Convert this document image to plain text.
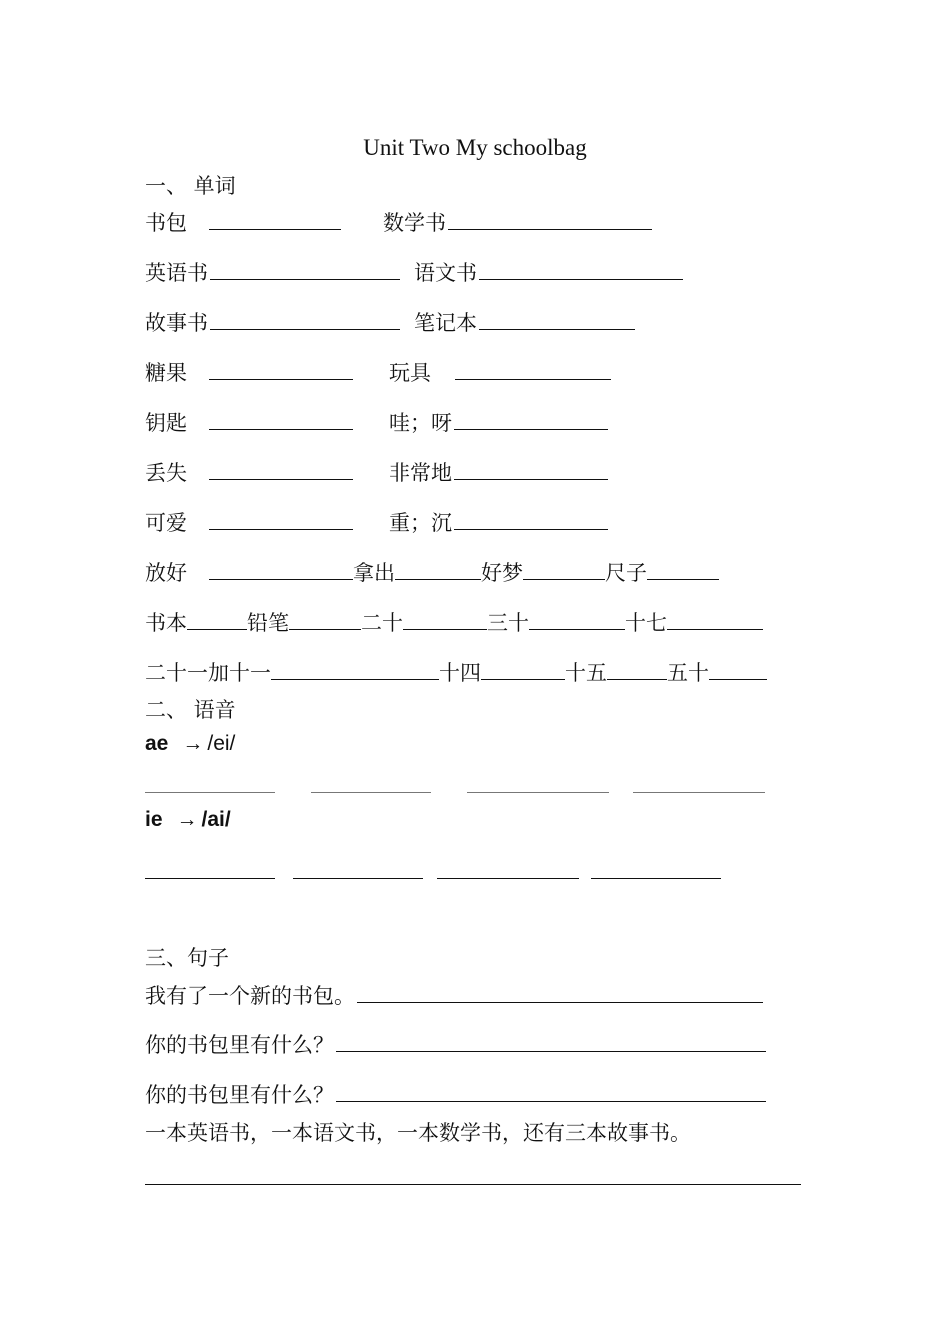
Unit Two My schoolbag
一、 单词
书包	数学书
英语书	语文书
故事书	笔记本
糖果	玩具
钥匙	哇；呀
丢失	非常地
可爱	重；沉
放好	拿出	好梦	尺子
书本	铅笔	二十	三十	十七
二十一加十一	十四	十五	五十
二、 语音
ae → /ei/
ie → /ai/
三、句子
我有了一个新的书包。
你的书包里有什么？
你的书包里有什么？
一本英语书，一本语文书，一本数学书，还有三本故事书。
